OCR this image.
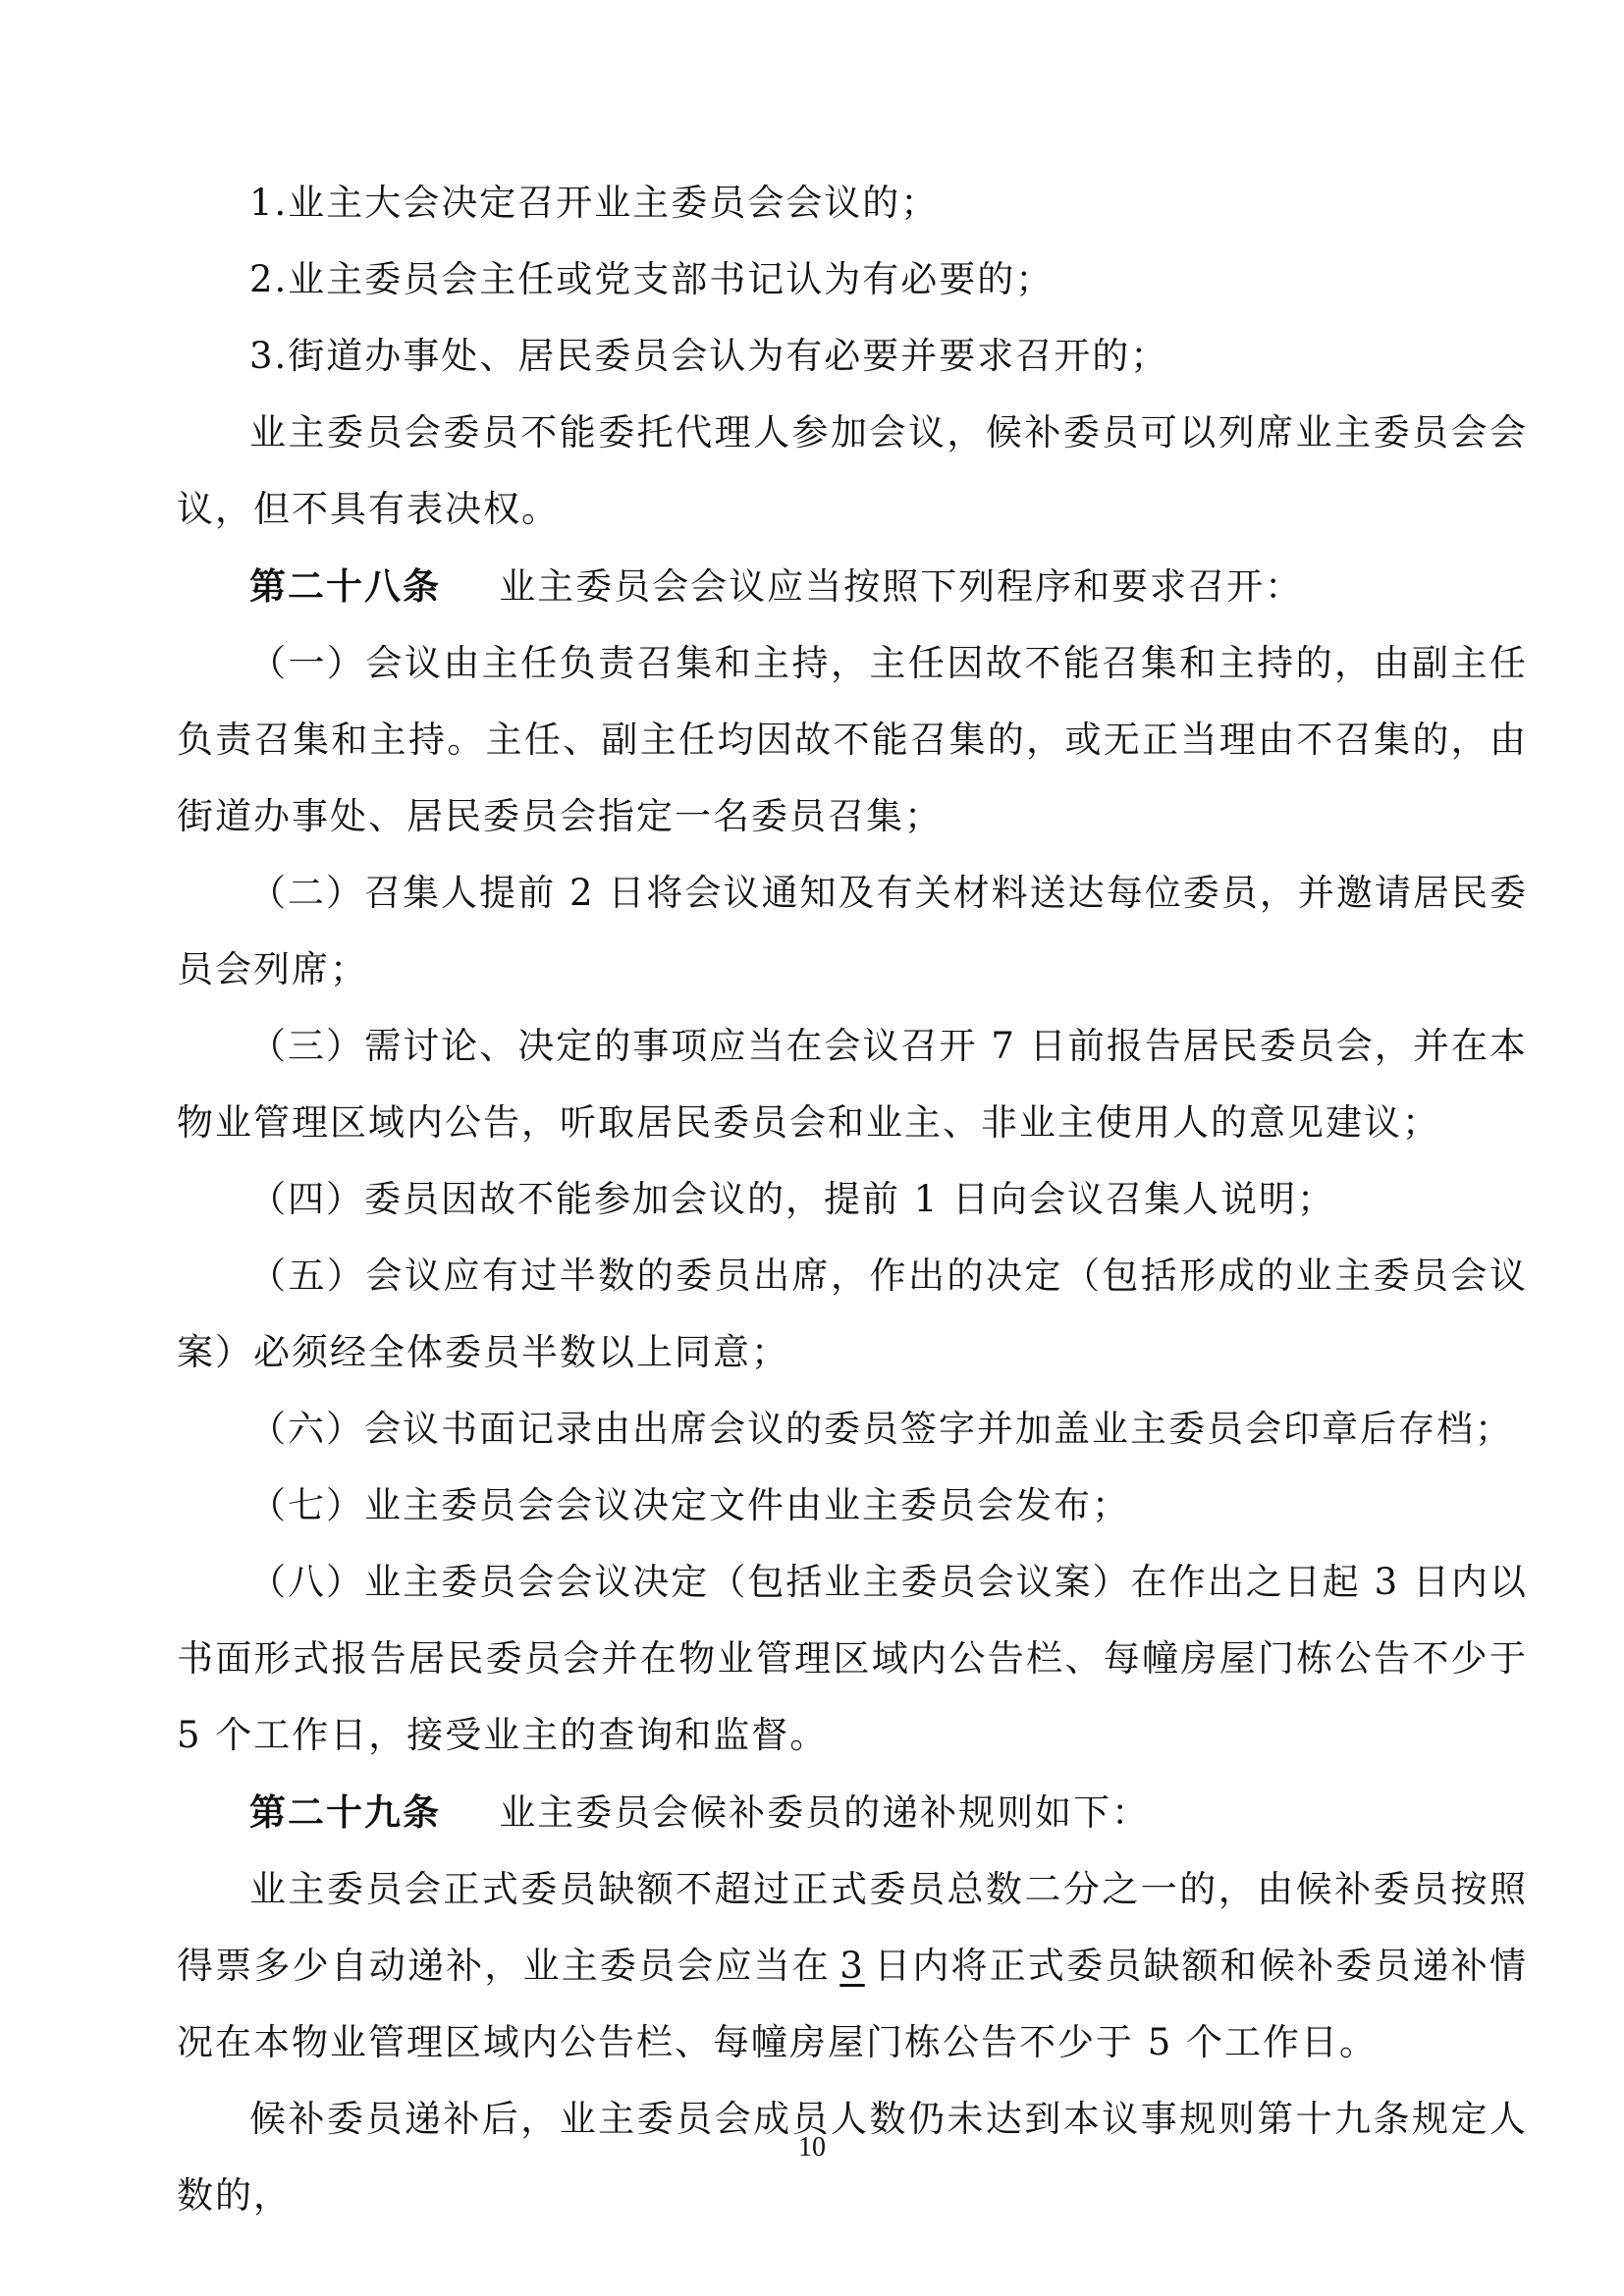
1.业主大会决定召开业主委员会会议的；

2.业主委员会主任或党支部书记认为有必要的；

3.街道办事处、居民委员会认为有必要并要求召开的；

业主委员会委员不能委托代理人参加会议，候补委员可以列席业主委员会会议，但不具有表决权。

第二十八条 业主委员会会议应当按照下列程序和要求召开：

（一）会议由主任负责召集和主持，主任因故不能召集和主持的，由副主任负责召集和主持。主任、副主任均因故不能召集的，或无正当理由不召集的，由街道办事处、居民委员会指定一名委员召集；

（二）召集人提前 2 日将会议通知及有关材料送达每位委员，并邀请居民委员会列席；

（三）需讨论、决定的事项应当在会议召开 7 日前报告居民委员会，并在本物业管理区域内公告，听取居民委员会和业主、非业主使用人的意见建议；

（四）委员因故不能参加会议的，提前 1 日向会议召集人说明；

（五）会议应有过半数的委员出席，作出的决定（包括形成的业主委员会议案）必须经全体委员半数以上同意；

（六）会议书面记录由出席会议的委员签字并加盖业主委员会印章后存档；

（七）业主委员会会议决定文件由业主委员会发布；

（八）业主委员会会议决定（包括业主委员会议案）在作出之日起 3 日内以书面形式报告居民委员会并在物业管理区域内公告栏、每幢房屋门栋公告不少于 5 个工作日，接受业主的查询和监督。

第二十九条 业主委员会候补委员的递补规则如下：

业主委员会正式委员缺额不超过正式委员总数二分之一的，由候补委员按照得票多少自动递补，业主委员会应当在 3 日内将正式委员缺额和候补委员递补情况在本物业管理区域内公告栏、每幢房屋门栋公告不少于 5 个工作日。

候补委员递补后，业主委员会成员人数仍未达到本议事规则第十九条规定人数的，

10
